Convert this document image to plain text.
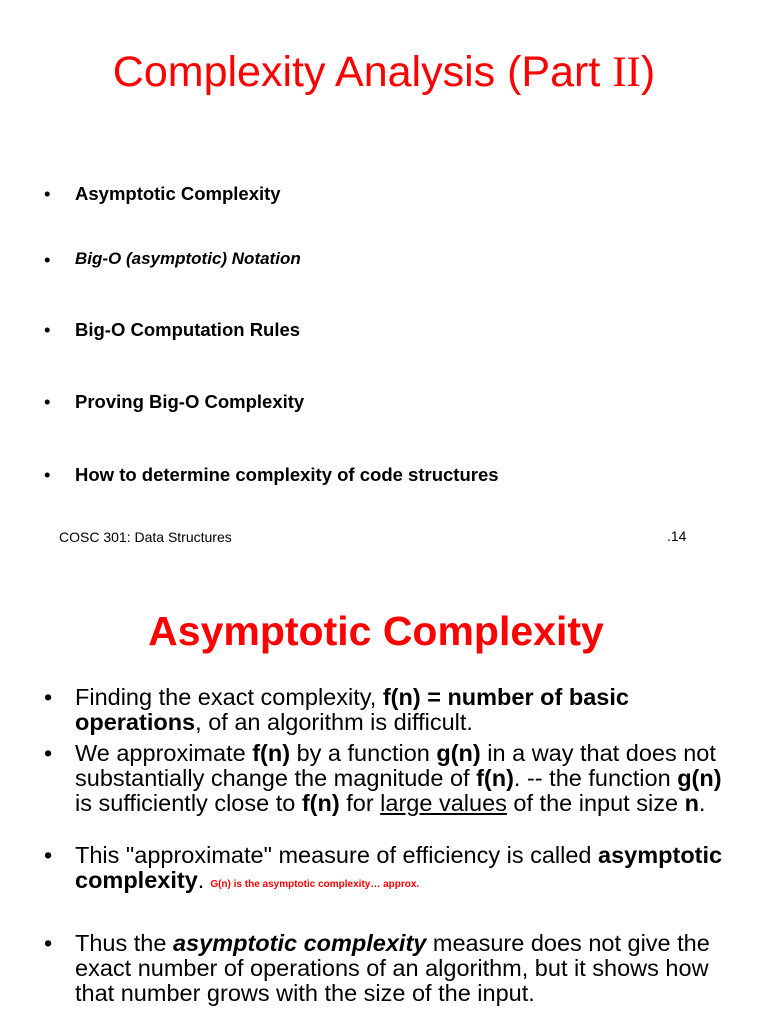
Complexity Analysis (Part II)
• Asymptotic Complexity
• Big-O (asymptotic) Notation
• Big-O Computation Rules
• Proving Big-O Complexity
• How to determine complexity of code structures
COSC 301: Data Structures	.14
Asymptotic Complexity
• Finding the exact complexity, f(n) = number of basic operations, of an algorithm is difficult.
• We approximate f(n) by a function g(n) in a way that does not substantially change the magnitude of f(n). -- the function g(n) is sufficiently close to f(n) for large values of the input size n.
• This "approximate" measure of efficiency is called asymptotic complexity. G(n) is the asymptotic complexity… approx.
• Thus the asymptotic complexity measure does not give the exact number of operations of an algorithm, but it shows how that number grows with the size of the input.
